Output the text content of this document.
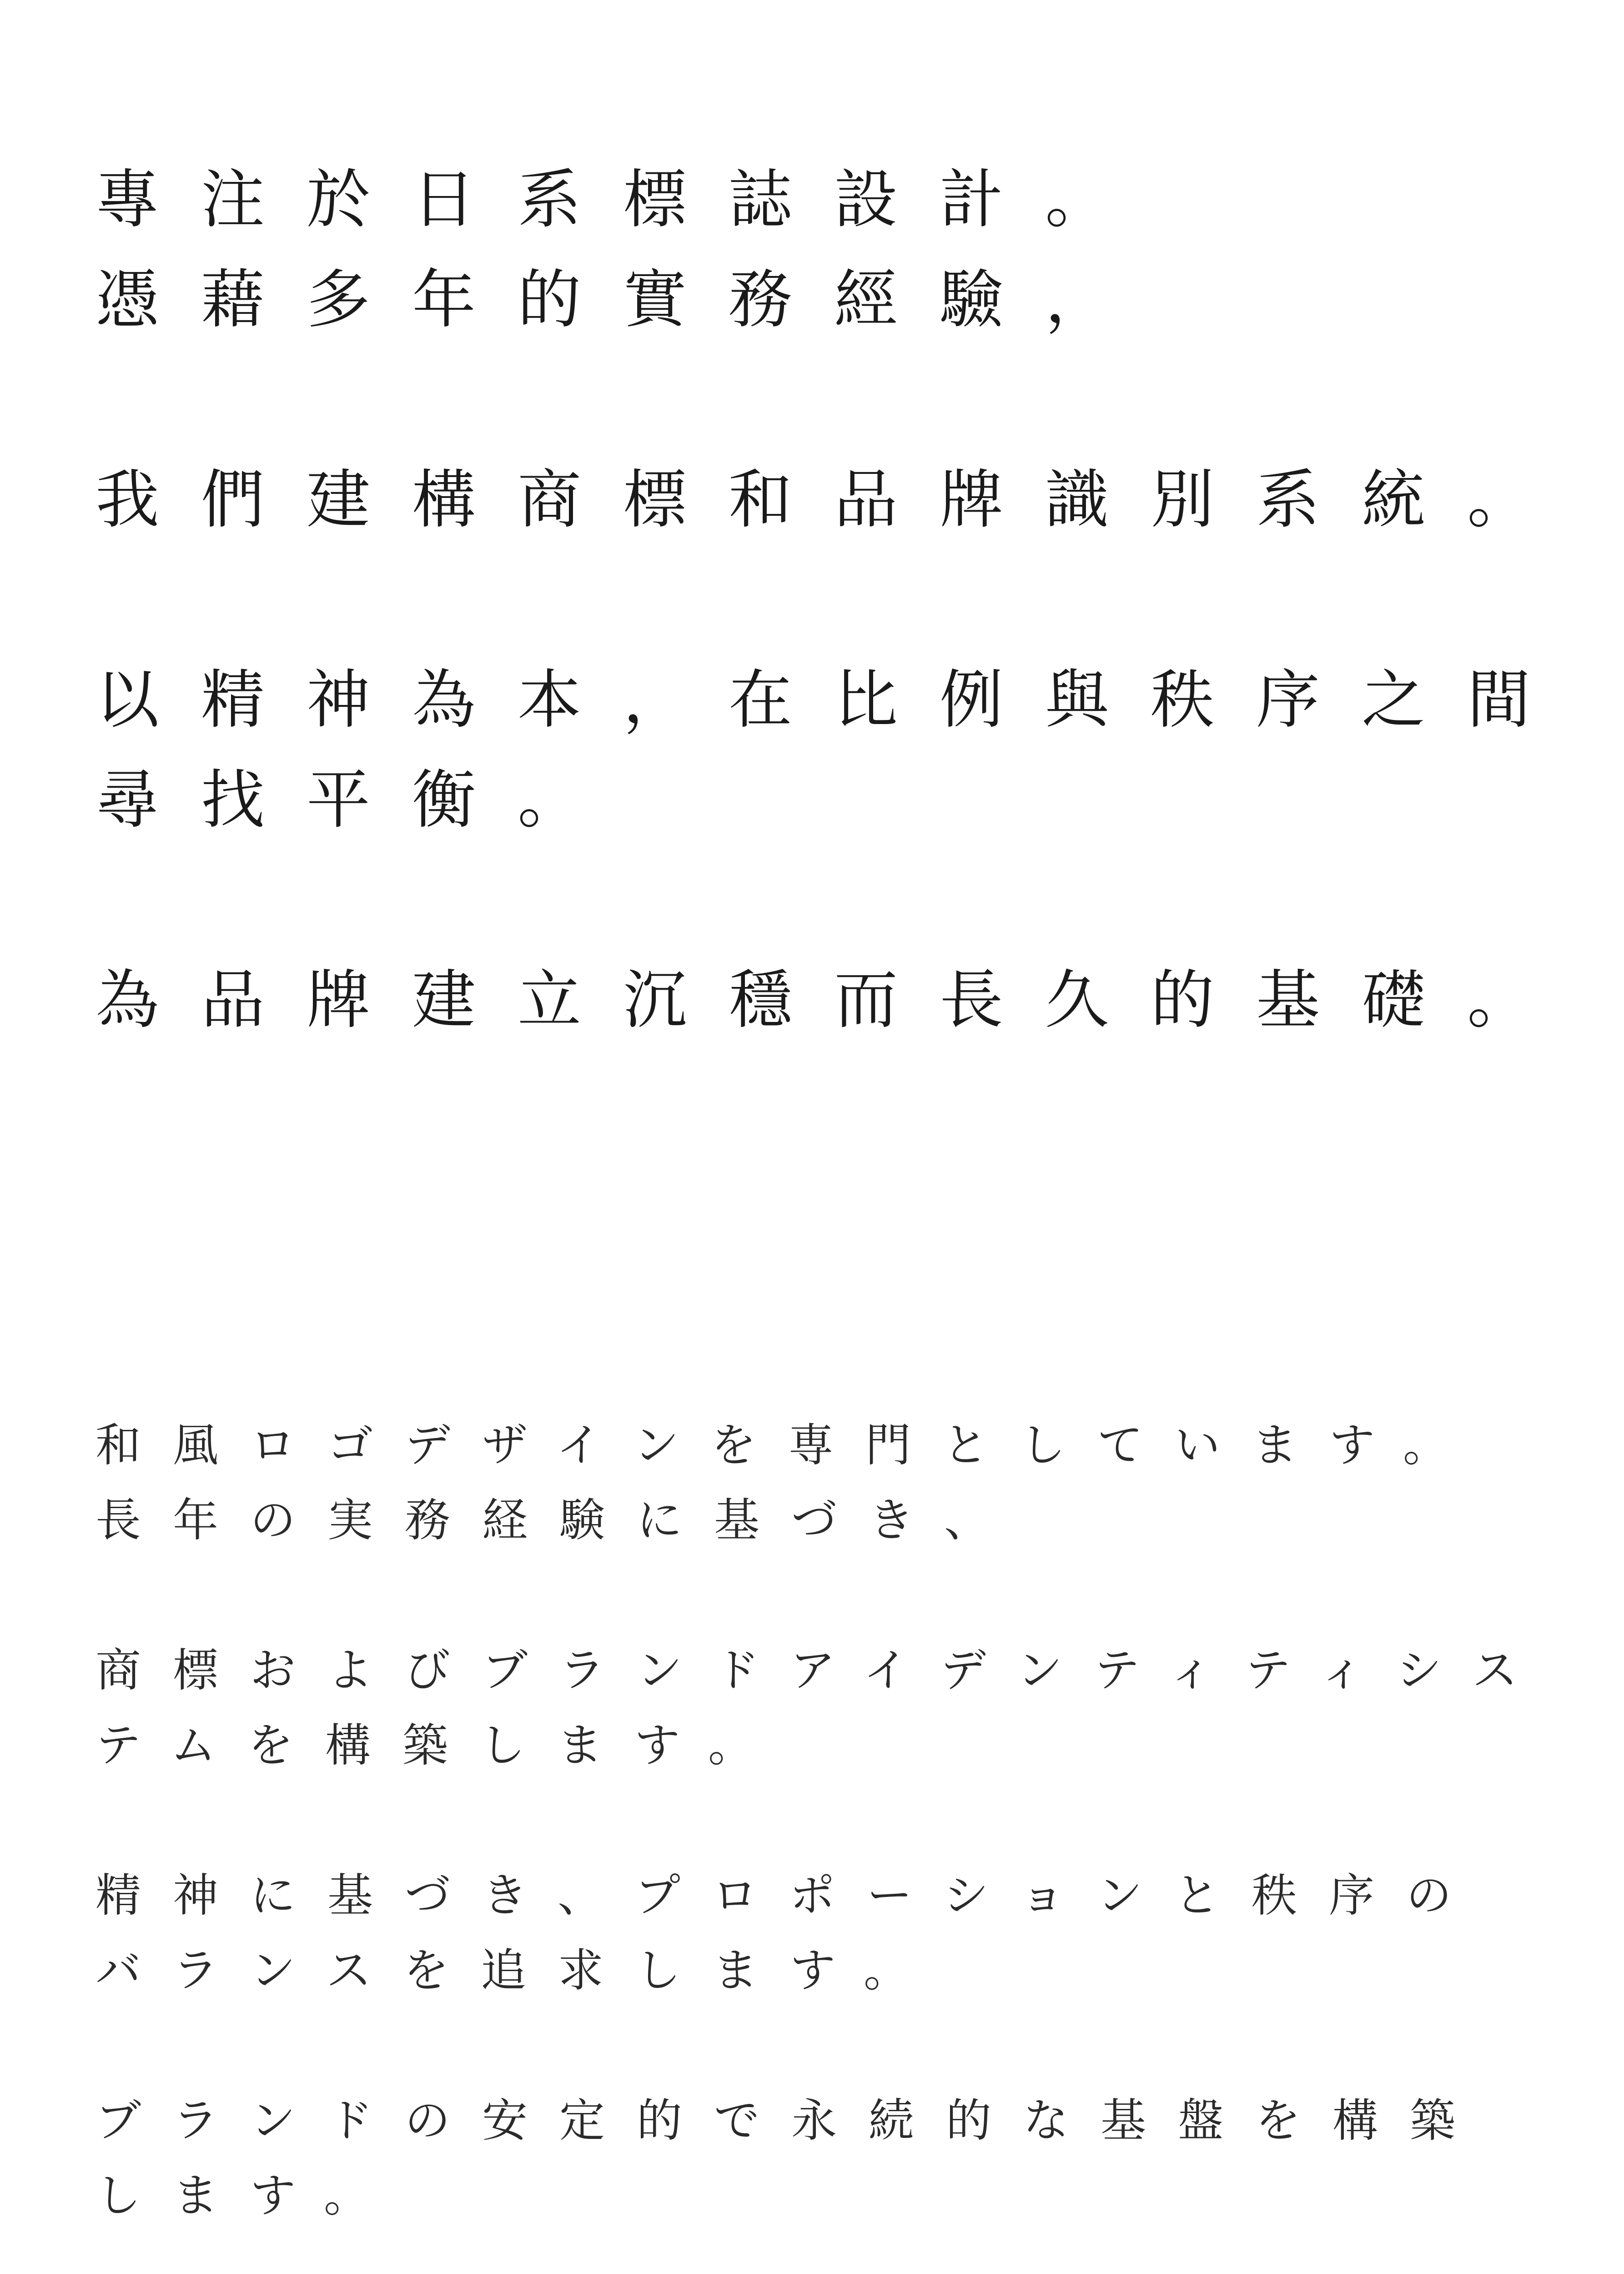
專注於日系標誌設計。
憑藉多年的實務經驗，
我們建構商標和品牌識別系統。
以精神為本，在比例與秩序之間
尋找平衡。
為品牌建立沉穩而長久的基礎。
和風ロゴデザインを専門としています。
長年の実務経験に基づき、
商標およびブランドアイデンティティシス
テムを構築します。
精神に基づき、プロポーションと秩序の
バランスを追求します。
ブランドの安定的で永続的な基盤を構築
します。
